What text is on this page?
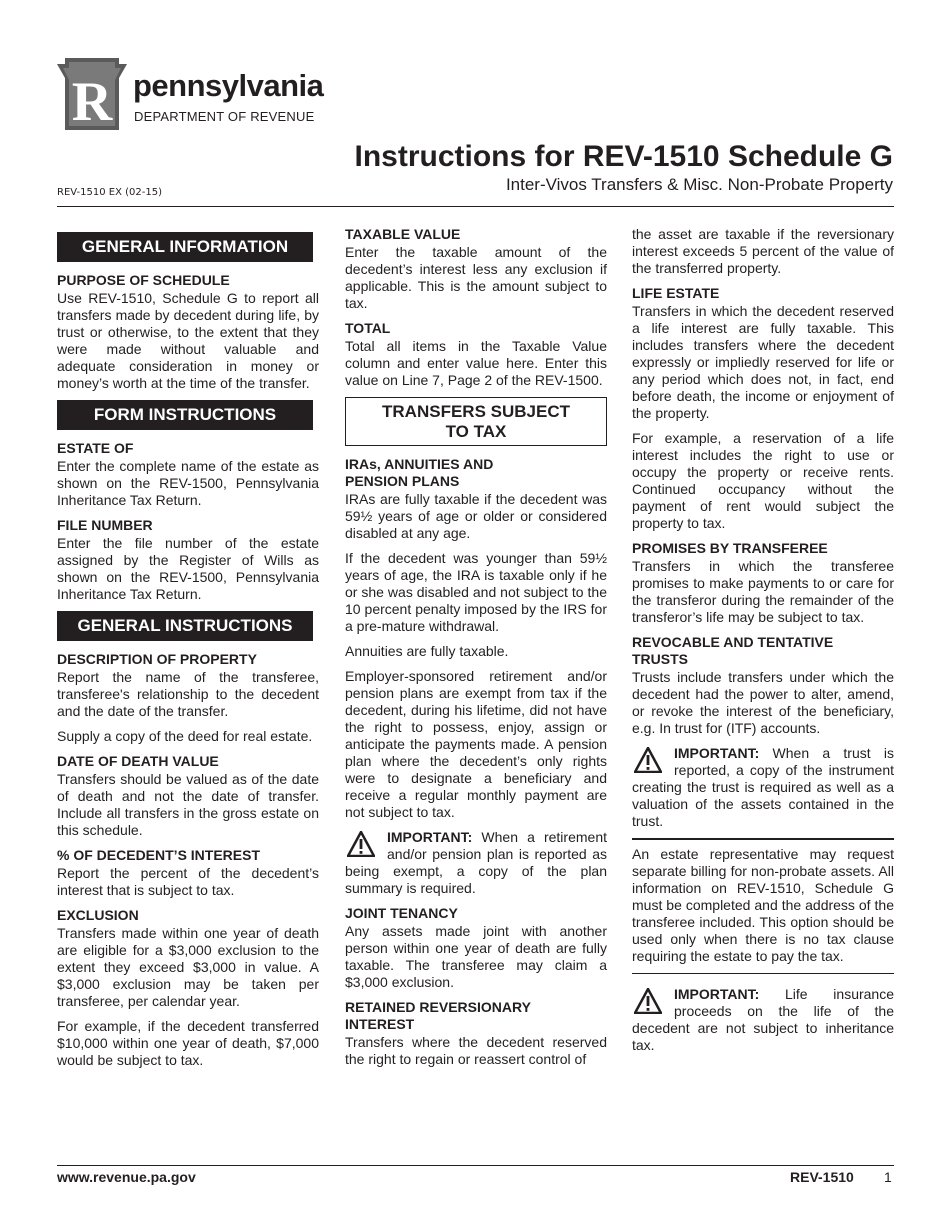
R pennsylvania
DEPARTMENT OF REVENUE
Instructions for REV-1510 Schedule G
Inter-Vivos Transfers & Misc. Non-Probate Property
REV-1510 EX (02-15)
GENERAL INFORMATION
PURPOSE OF SCHEDULE

Use REV-1510, Schedule G to report all transfers made by decedent during life, by trust or otherwise, to the extent that they were made without valuable and adequate consideration in money or money’s worth at the time of the transfer.

FORM INSTRUCTIONS
ESTATE OF

Enter the complete name of the estate as shown on the REV-1500, Pennsylvania Inheritance Tax Return.

FILE NUMBER

Enter the file number of the estate assigned by the Register of Wills as shown on the REV-1500, Pennsylvania Inheritance Tax Return.

GENERAL INSTRUCTIONS
DESCRIPTION OF PROPERTY

Report the name of the transferee, transferee's relationship to the decedent and the date of the transfer.

Supply a copy of the deed for real estate.

DATE OF DEATH VALUE

Transfers should be valued as of the date of death and not the date of transfer. Include all transfers in the gross estate on this schedule.

% OF DECEDENT’S INTEREST

Report the percent of the decedent’s interest that is subject to tax.

EXCLUSION

Transfers made within one year of death are eligible for a $3,000 exclusion to the extent they exceed $3,000 in value. A $3,000 exclusion may be taken per transferee, per calendar year.

For example, if the decedent transferred $10,000 within one year of death, $7,000 would be subject to tax.

TAXABLE VALUE

Enter the taxable amount of the decedent’s interest less any exclusion if applicable. This is the amount subject to tax.

TOTAL

Total all items in the Taxable Value column and enter value here. Enter this value on Line 7, Page 2 of the REV-1500.

TRANSFERS SUBJECT
TO TAX
IRAs, ANNUITIES AND
PENSION PLANS

IRAs are fully taxable if the decedent was 59½ years of age or older or considered disabled at any age.

If the decedent was younger than 59½ years of age, the IRA is taxable only if he or she was disabled and not subject to the 10 percent penalty imposed by the IRS for a pre-mature withdrawal.

Annuities are fully taxable.

Employer-sponsored retirement and/or pension plans are exempt from tax if the decedent, during his lifetime, did not have the right to possess, enjoy, assign or anticipate the payments made. A pension plan where the decedent’s only rights were to designate a beneficiary and receive a regular monthly payment are not subject to tax.

IMPORTANT: When a retirement and/or pension plan is reported as being exempt, a copy of the plan summary is required.
JOINT TENANCY

Any assets made joint with another person within one year of death are fully taxable. The transferee may claim a $3,000 exclusion.

RETAINED REVERSIONARY
INTEREST

Transfers where the decedent reserved the right to regain or reassert control of

the asset are taxable if the reversionary interest exceeds 5 percent of the value of the transferred property.

LIFE ESTATE

Transfers in which the decedent reserved a life interest are fully taxable. This includes transfers where the decedent expressly or impliedly reserved for life or any period which does not, in fact, end before death, the income or enjoyment of the property.

For example, a reservation of a life interest includes the right to use or occupy the property or receive rents. Continued occupancy without the payment of rent would subject the property to tax.

PROMISES BY TRANSFEREE

Transfers in which the transferee promises to make payments to or care for the transferor during the remainder of the transferor’s life may be subject to tax.

REVOCABLE AND TENTATIVE
TRUSTS

Trusts include transfers under which the decedent had the power to alter, amend, or revoke the interest of the beneficiary, e.g. In trust for (ITF) accounts.

IMPORTANT: When a trust is reported, a copy of the instrument creating the trust is required as well as a valuation of the assets contained in the trust.

An estate representative may request separate billing for non-probate assets. All information on REV-1510, Schedule G must be completed and the address of the transferee included. This option should be used only when there is no tax clause requiring the estate to pay the tax.

IMPORTANT: Life insurance proceeds on the life of the decedent are not subject to inheritance tax.
www.revenue.pa.gov	REV-1510 1
